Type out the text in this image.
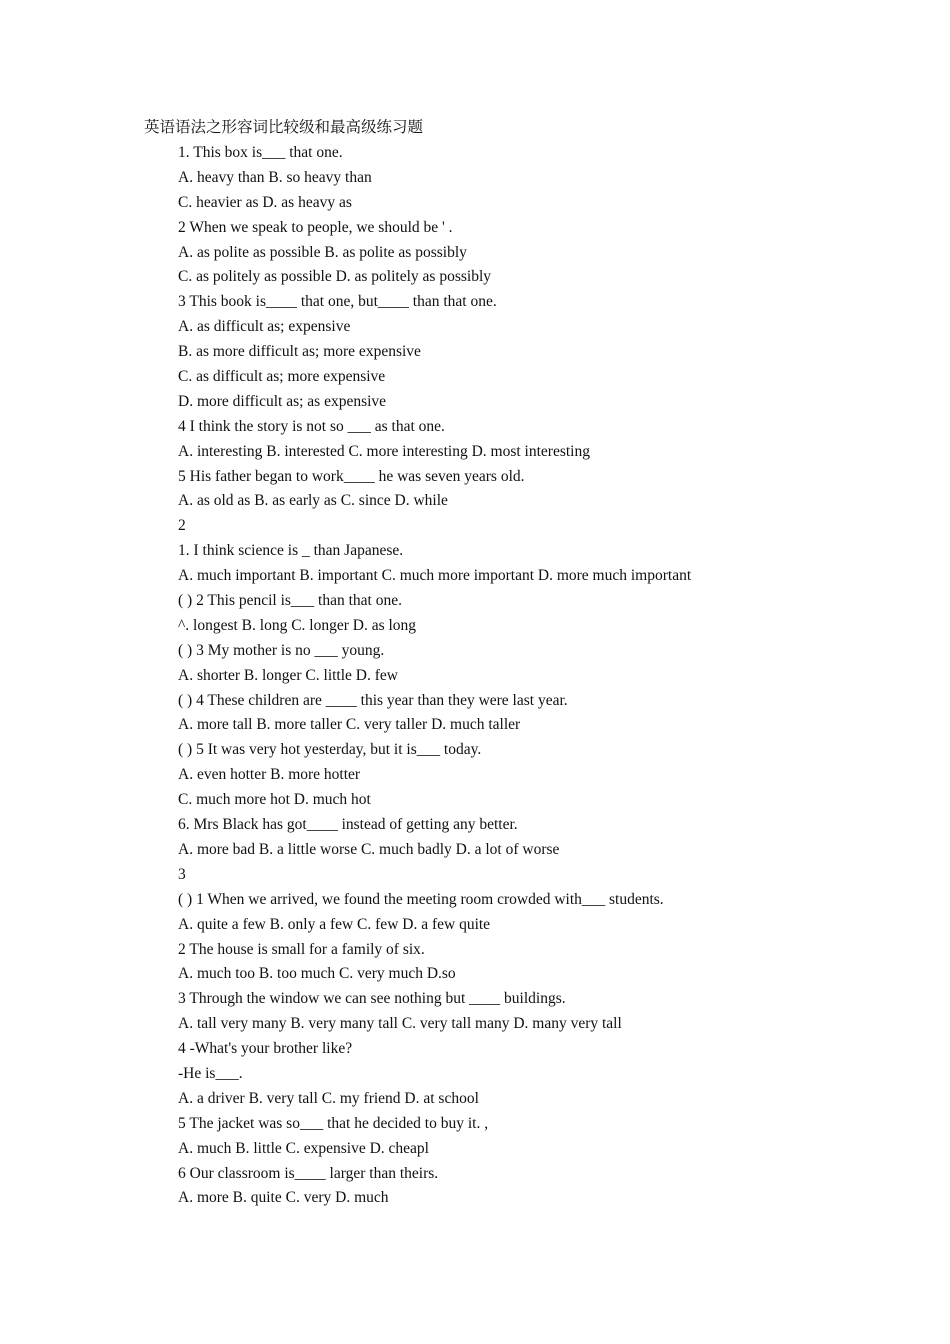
英语语法之形容词比较级和最高级练习题
1. This box is___ that one.
A. heavy than B. so heavy than
C. heavier as D. as heavy as
2 When we speak to people, we should be ' .
A. as polite as possible B. as polite as possibly
C. as politely as possible D. as politely as possibly
3 This book is____ that one, but____ than that one.
A. as difficult as; expensive
B. as more difficult as; more expensive
C. as difficult as; more expensive
D. more difficult as; as expensive
4 I think the story is not so ___ as that one.
A. interesting B. interested C. more interesting D. most interesting
5 His father began to work____ he was seven years old.
A. as old as B. as early as C. since D. while
2
1. I think science is _ than Japanese.
A. much important B. important C. much more important D. more much important
( ) 2 This pencil is___ than that one.
^. longest B. long C. longer D. as long
( ) 3 My mother is no ___ young.
A. shorter B. longer C. little D. few
( ) 4 These children are ____ this year than they were last year.
A. more tall B. more taller C. very taller D. much taller
( ) 5 It was very hot yesterday, but it is___ today.
A. even hotter B. more hotter
C. much more hot D. much hot
6. Mrs Black has got____ instead of getting any better.
A. more bad B. a little worse C. much badly D. a lot of worse
3
( ) 1 When we arrived, we found the meeting room crowded with___ students.
A. quite a few B. only a few C. few D. a few quite
2 The house is small for a family of six.
A. much too B. too much C. very much D.so
3 Through the window we can see nothing but ____ buildings.
A. tall very many B. very many tall C. very tall many D. many very tall
4 -What's your brother like?
-He is___.
A. a driver B. very tall C. my friend D. at school
5 The jacket was so___ that he decided to buy it. ,
A. much B. little C. expensive D. cheapl
6 Our classroom is____ larger than theirs.
A. more B. quite C. very D. much
